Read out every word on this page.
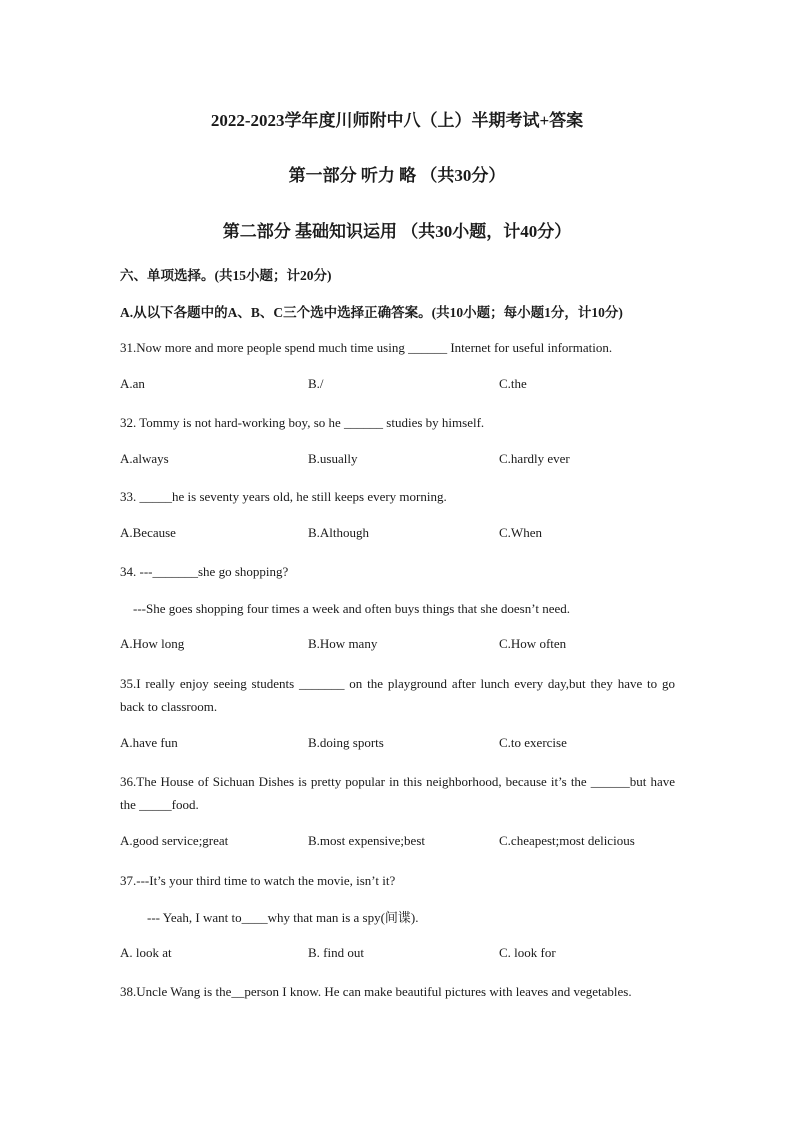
2022-2023学年度川师附中八（上）半期考试+答案
第一部分 听力 略 （共30分）
第二部分 基础知识运用 （共30小题，计40分）
六、单项选择。(共15小题；计20分)
A.从以下各题中的A、B、C三个选中选择正确答案。(共10小题；每小题1分，计10分)
31.Now more and more people spend much time using ______ Internet for useful information.
A.an	B./	C.the
32. Tommy is not hard-working boy, so he ______ studies by himself.
A.always	B.usually	C.hardly ever
33. _____he is seventy years old, he still keeps every morning.
A.Because	B.Although	C.When
34. ---_______she go shopping?
---She goes shopping four times a week and often buys things that she doesn’t need.
A.How long	B.How many	C.How often
35.I really enjoy seeing students _______ on the playground after lunch every day,but they have to go back to classroom.
A.have fun	B.doing sports	C.to exercise
36.The House of Sichuan Dishes is pretty popular in this neighborhood, because it’s the ______but have the _____food.
A.good service;great	B.most expensive;best	C.cheapest;most delicious
37.---It’s your third time to watch the movie, isn’t it?
--- Yeah, I want to____why that man is a spy(间谍).
A. look at	B. find out	C. look for
38.Uncle Wang is the__person I know. He can make beautiful pictures with leaves and vegetables.
